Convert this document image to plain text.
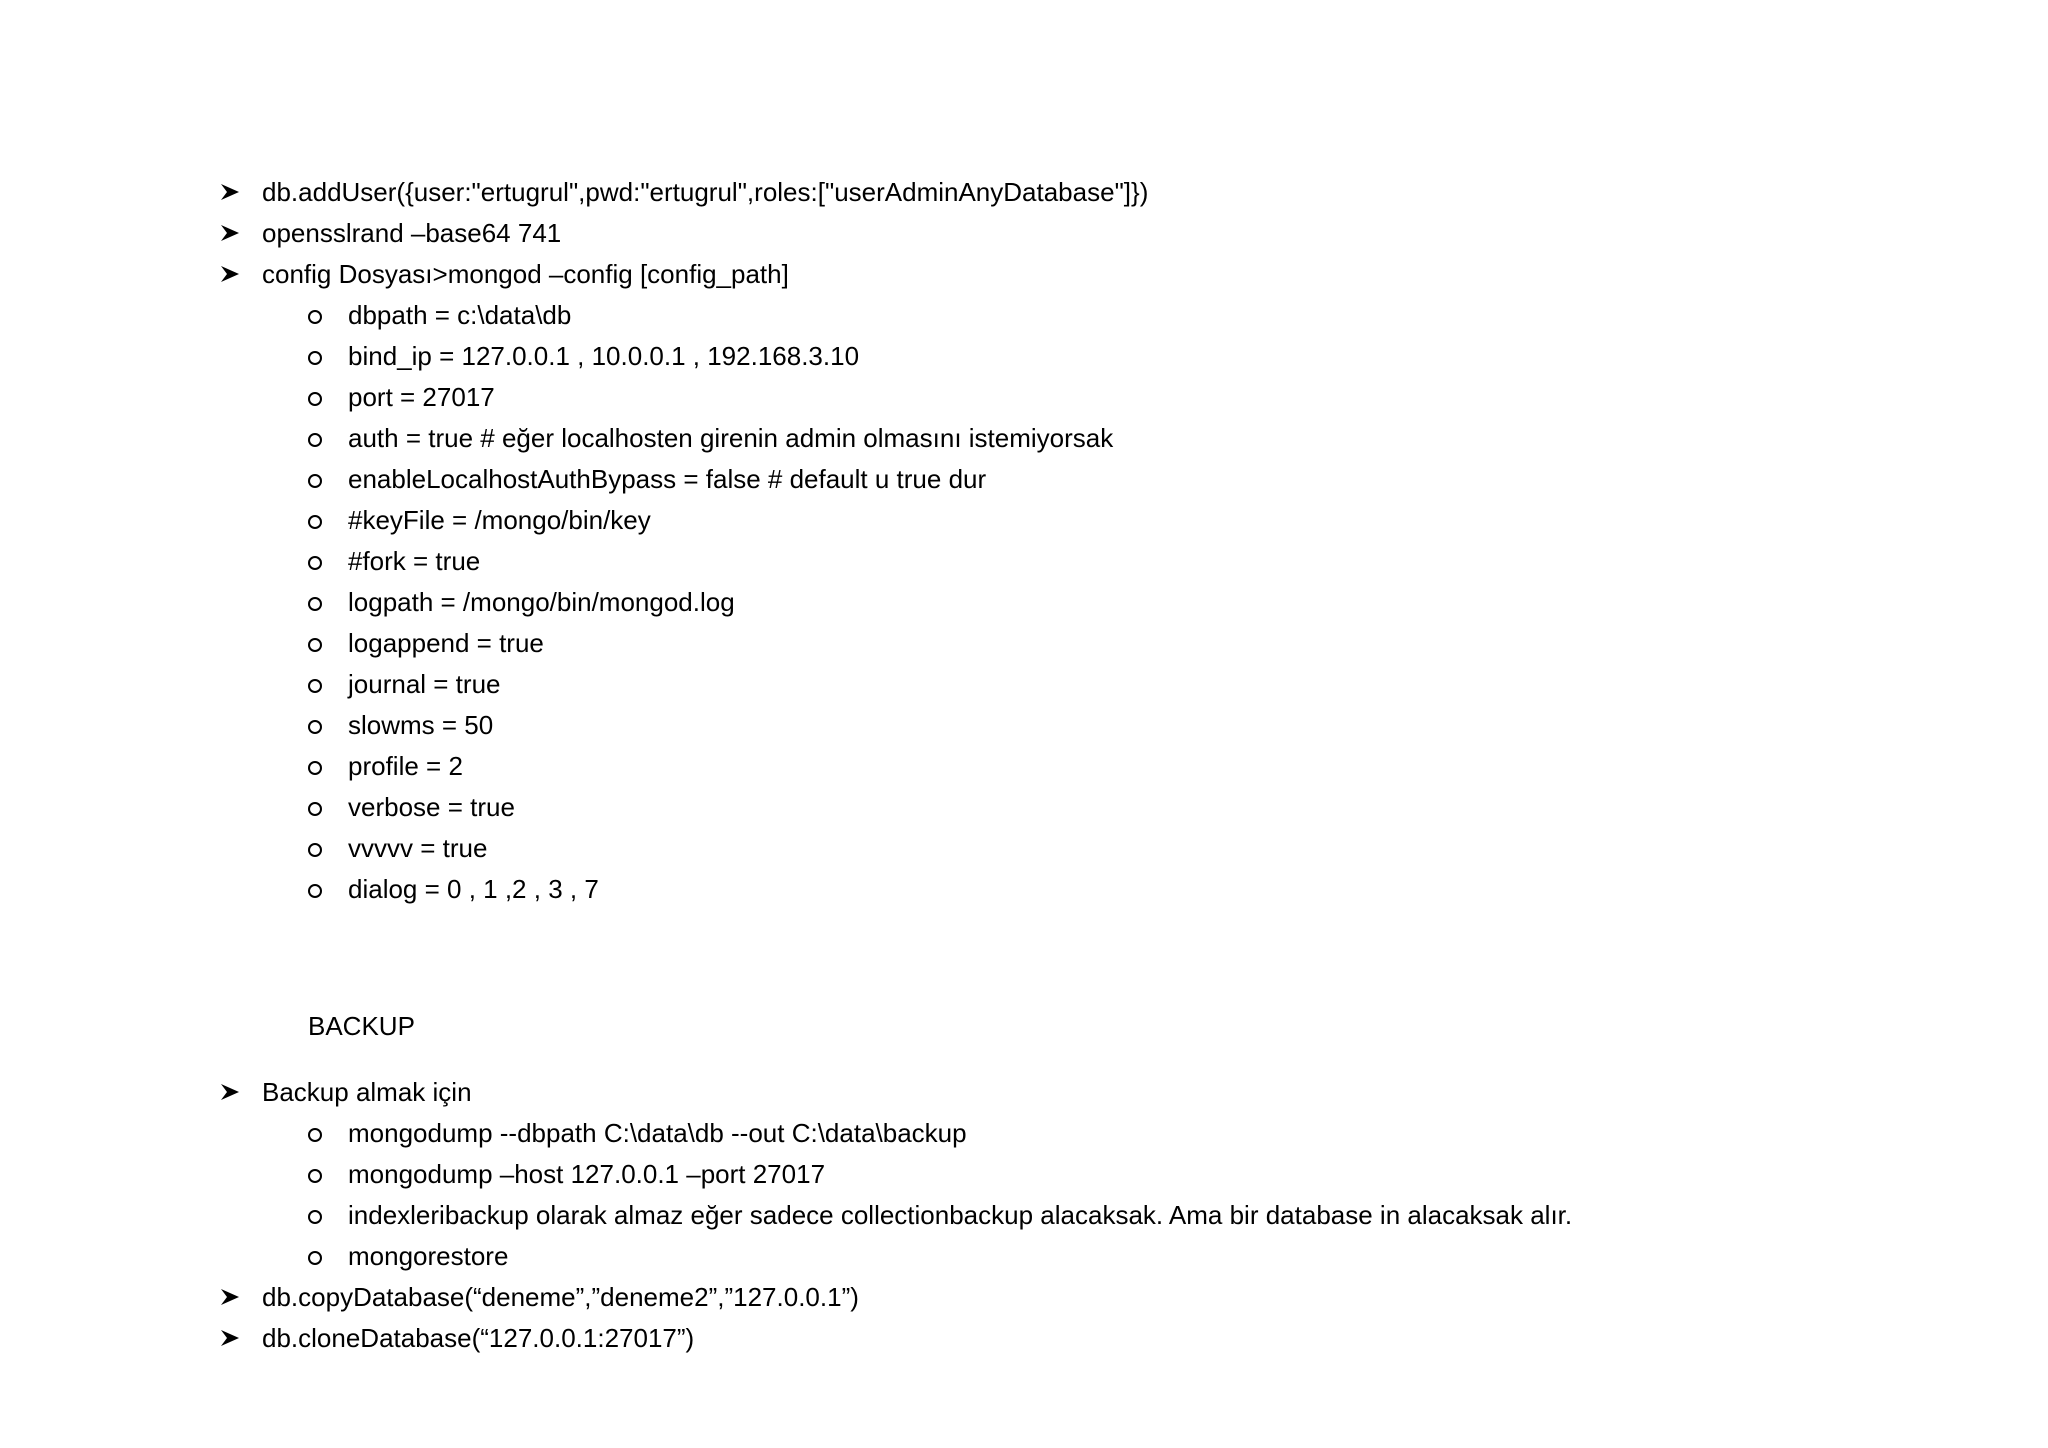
db.addUser({user:"ertugrul",pwd:"ertugrul",roles:["userAdminAnyDatabase"]})
opensslrand –base64 741
config Dosyası>mongod –config [config_path]
dbpath = c:\data\db
bind_ip = 127.0.0.1 , 10.0.0.1 , 192.168.3.10
port = 27017
auth = true # eğer localhosten girenin admin olmasını istemiyorsak
enableLocalhostAuthBypass = false # default u true dur
#keyFile = /mongo/bin/key
#fork = true
logpath = /mongo/bin/mongod.log
logappend = true
journal = true
slowms = 50
profile = 2
verbose = true
vvvvv = true
dialog = 0 , 1 ,2 , 3 , 7
BACKUP
Backup almak için
mongodump --dbpath C:\data\db --out C:\data\backup
mongodump –host 127.0.0.1 –port 27017
indexleribackup olarak almaz eğer sadece collectionbackup alacaksak. Ama bir database in alacaksak alır.
mongorestore
db.copyDatabase(“deneme”,”deneme2”,”127.0.0.1”)
db.cloneDatabase(“127.0.0.1:27017”)
